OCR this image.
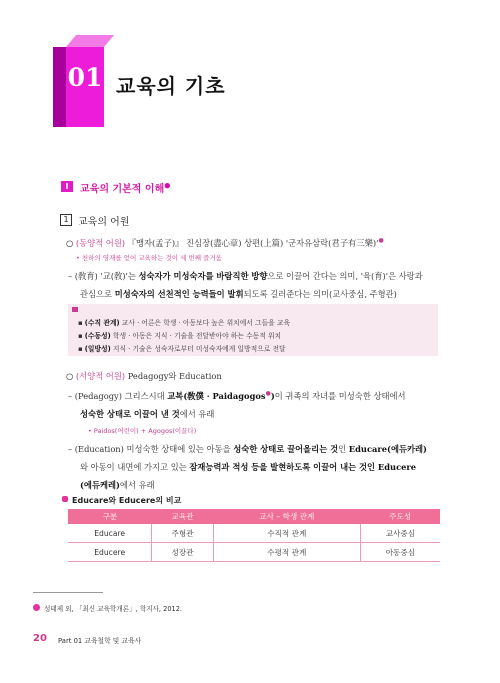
CHAPTER 01 교육의 기초
I	교육의 기본적 이해●
1 교육의 어원
○ (동양적 어원) 『맹자(孟子)』 진심장(盡心章) 상편(上篇) '군자유삼락(君子有三樂)'●
• 천하의 영재를 얻어 교육하는 것이 세 번째 즐거움
– (敎育) '교(敎)'는 성숙자가 미성숙자를 바람직한 방향으로 이끌어 간다는 의미, '육(育)'은 사랑과
관심으로 미성숙자의 선천적인 능력들이 발휘되도록 길러준다는 의미(교사중심, 주형관)
▪ (수직 관계) 교사 · 어른은 학생 · 아동보다 높은 위치에서 그들을 교육
▪ (수동성) 학생 · 아동은 지식 · 기술을 전달받아야 하는 수동적 위치
▪ (일방성) 지식 · 기술은 성숙자로부터 미성숙자에게 일방적으로 전달
○ (서양적 어원) Pedagogy와 Education
– (Pedagogy) 그리스시대 교복(敎僕 · Paidagogos●)이 귀족의 자녀를 미성숙한 상태에서
성숙한 상태로 이끌어 낸 것에서 유래
• Paidos(어린이) + Agogos(이끌다)
– (Education) 미성숙한 상태에 있는 아동을 성숙한 상태로 끌어올리는 것인 Educare(에듀카레)
와 아동이 내면에 가지고 있는 잠재능력과 적성 등을 발현하도록 이끌어 내는 것인 Educere
(에듀케레)에서 유래
Educare와 Educere의 비교
구분	교육관	교사 – 학생 관계	주도성
Educare	주형관	수직적 관계	교사중심
Educere	성장관	수평적 관계	아동중심
성태제 외, 「최신 교육학개론」, 학지사, 2012.
20 Part 01 교육철학 및 교육사
